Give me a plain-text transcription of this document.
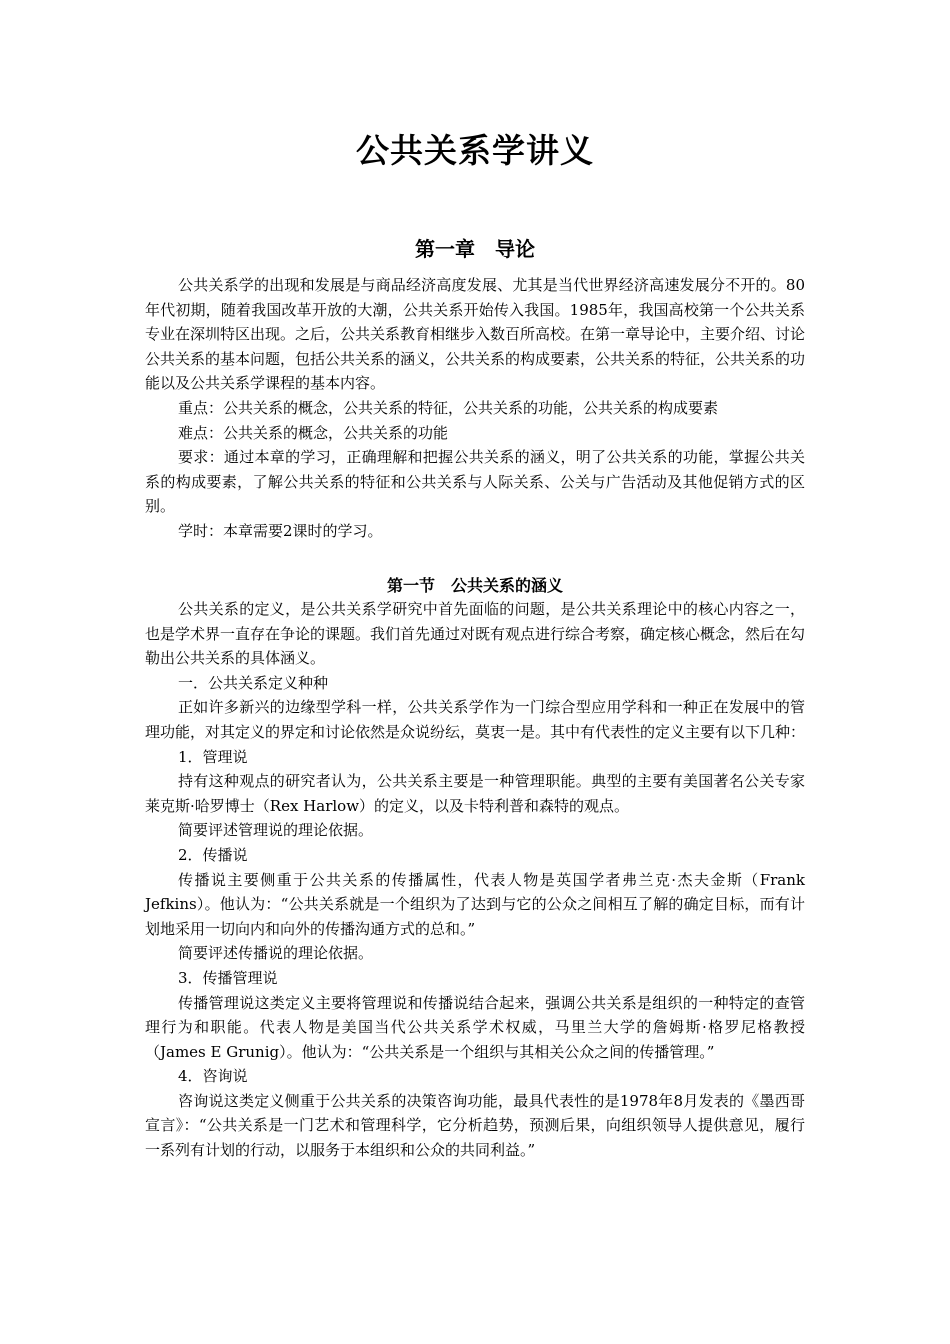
公共关系学讲义
第一章　导论

公共关系学的出现和发展是与商品经济高度发展、尤其是当代世界经济高速发展分不开的。80年代初期，随着我国改革开放的大潮，公共关系开始传入我国。1985年，我国高校第一个公共关系专业在深圳特区出现。之后，公共关系教育相继步入数百所高校。在第一章导论中，主要介绍、讨论公共关系的基本问题，包括公共关系的涵义，公共关系的构成要素，公共关系的特征，公共关系的功能以及公共关系学课程的基本内容。

重点：公共关系的概念，公共关系的特征，公共关系的功能，公共关系的构成要素

难点：公共关系的概念，公共关系的功能

要求：通过本章的学习，正确理解和把握公共关系的涵义，明了公共关系的功能，掌握公共关系的构成要素，了解公共关系的特征和公共关系与人际关系、公关与广告活动及其他促销方式的区别。

学时：本章需要2课时的学习。

第一节　公共关系的涵义

公共关系的定义，是公共关系学研究中首先面临的问题，是公共关系理论中的核心内容之一，也是学术界一直存在争论的课题。我们首先通过对既有观点进行综合考察，确定核心概念，然后在勾勒出公共关系的具体涵义。

一．公共关系定义种种

正如许多新兴的边缘型学科一样，公共关系学作为一门综合型应用学科和一种正在发展中的管理功能，对其定义的界定和讨论依然是众说纷纭，莫衷一是。其中有代表性的定义主要有以下几种：

1．管理说

持有这种观点的研究者认为，公共关系主要是一种管理职能。典型的主要有美国著名公关专家莱克斯·哈罗博士（Rex Harlow）的定义，以及卡特利普和森特的观点。

简要评述管理说的理论依据。

2．传播说

传播说主要侧重于公共关系的传播属性，代表人物是英国学者弗兰克·杰夫金斯（Frank Jefkins）。他认为：“公共关系就是一个组织为了达到与它的公众之间相互了解的确定目标，而有计划地采用一切向内和向外的传播沟通方式的总和。”

简要评述传播说的理论依据。

3．传播管理说

传播管理说这类定义主要将管理说和传播说结合起来，强调公共关系是组织的一种特定的查管理行为和职能。代表人物是美国当代公共关系学术权威，马里兰大学的詹姆斯·格罗尼格教授（James E Grunig）。他认为：“公共关系是一个组织与其相关公众之间的传播管理。”

4．咨询说

咨询说这类定义侧重于公共关系的决策咨询功能，最具代表性的是1978年8月发表的《墨西哥宣言》：“公共关系是一门艺术和管理科学，它分析趋势，预测后果，向组织领导人提供意见，履行一系列有计划的行动，以服务于本组织和公众的共同利益。”
